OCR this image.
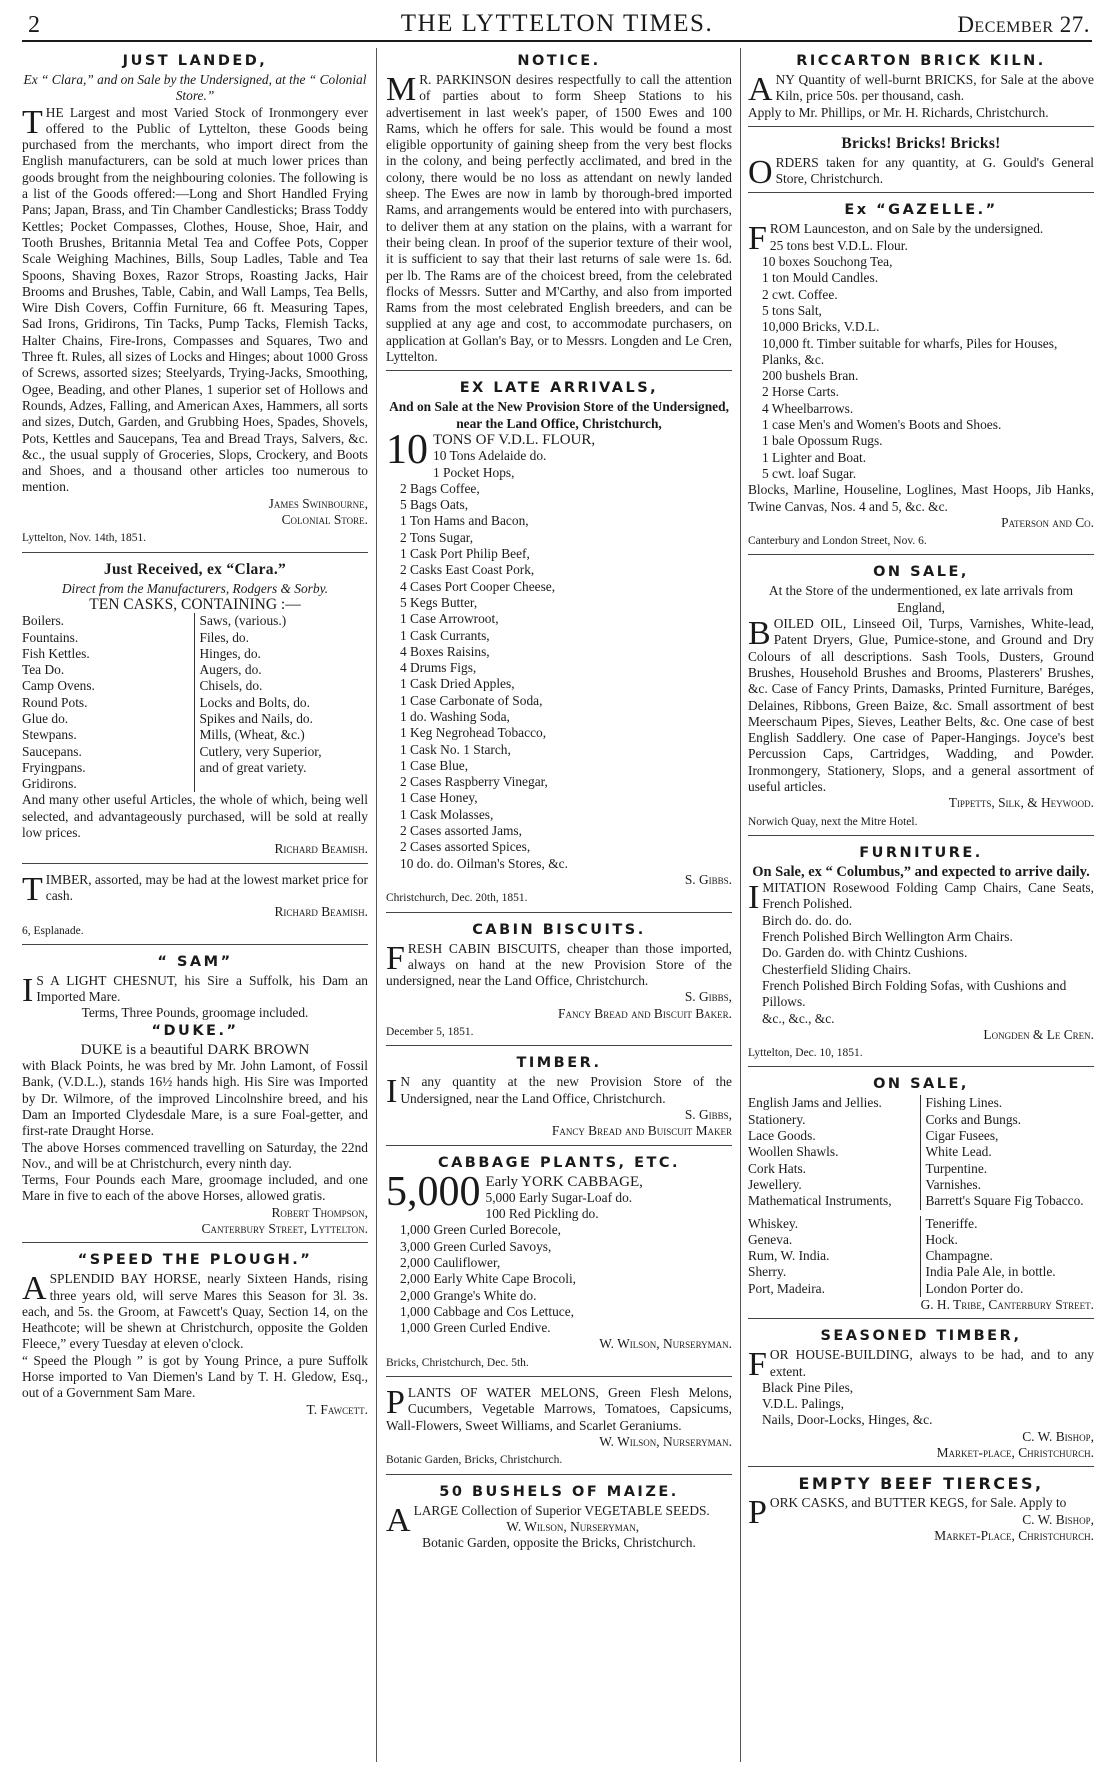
2	THE LYTTELTON TIMES.	December 27.
JUST LANDED,

Ex “ Clara,” and on Sale by the Undersigned, at the “ Colonial Store.”

THE Largest and most Varied Stock of Ironmongery ever offered to the Public of Lyttelton, these Goods being purchased from the merchants, who import direct from the English manufacturers, can be sold at much lower prices than goods brought from the neighbouring colonies. The following is a list of the Goods offered:—Long and Short Handled Frying Pans; Japan, Brass, and Tin Chamber Candlesticks; Brass Toddy Kettles; Pocket Compasses, Clothes, House, Shoe, Hair, and Tooth Brushes, Britannia Metal Tea and Coffee Pots, Copper Scale Weighing Machines, Bills, Soup Ladles, Table and Tea Spoons, Shaving Boxes, Razor Strops, Roasting Jacks, Hair Brooms and Brushes, Table, Cabin, and Wall Lamps, Tea Bells, Wire Dish Covers, Coffin Furniture, 66 ft. Measuring Tapes, Sad Irons, Gridirons, Tin Tacks, Pump Tacks, Flemish Tacks, Halter Chains, Fire-Irons, Compasses and Squares, Two and Three ft. Rules, all sizes of Locks and Hinges; about 1000 Gross of Screws, assorted sizes; Steelyards, Trying-Jacks, Smoothing, Ogee, Beading, and other Planes, 1 superior set of Hollows and Rounds, Adzes, Falling, and American Axes, Hammers, all sorts and sizes, Dutch, Garden, and Grubbing Hoes, Spades, Shovels, Pots, Kettles and Saucepans, Tea and Bread Trays, Salvers, &c. &c., the usual supply of Groceries, Slops, Crockery, and Boots and Shoes, and a thousand other articles too numerous to mention.

James Swinbourne,

Colonial Store.

Lyttelton, Nov. 14th, 1851.

Just Received, ex “Clara.”

Direct from the Manufacturers, Rodgers & Sorby.

TEN CASKS, CONTAINING :—

Boilers.
Fountains.
Fish Kettles.
Tea Do.
Camp Ovens.
Round Pots.
Glue do.
Stewpans.
Saucepans.
Fryingpans.
Gridirons.
Saws, (various.)
Files, do.
Hinges, do.
Augers, do.
Chisels, do.
Locks and Bolts, do.
Spikes and Nails, do.
Mills, (Wheat, &c.)
Cutlery, very Superior,
and of great variety.

And many other useful Articles, the whole of which, being well selected, and advantageously purchased, will be sold at really low prices.

Richard Beamish.

TIMBER, assorted, may be had at the lowest market price for cash.

Richard Beamish.

6, Esplanade.

“ SAM”

I S A LIGHT CHESNUT, his Sire a Suffolk, his Dam an Imported Mare.

Terms, Three Pounds, groomage included.

“DUKE.”

DUKE is a beautiful DARK BROWN

with Black Points, he was bred by Mr. John Lamont, of Fossil Bank, (V.D.L.), stands 16½ hands high. His Sire was Imported by Dr. Wilmore, of the improved Lincolnshire breed, and his Dam an Imported Clydesdale Mare, is a sure Foal-getter, and first-rate Draught Horse.

The above Horses commenced travelling on Saturday, the 22nd Nov., and will be at Christchurch, every ninth day.

Terms, Four Pounds each Mare, groomage included, and one Mare in five to each of the above Horses, allowed gratis.

Robert Thompson,

Canterbury Street, Lyttelton.

“SPEED THE PLOUGH.”

ASPLENDID BAY HORSE, nearly Sixteen Hands, rising three years old, will serve Mares this Season for 3l. 3s. each, and 5s. the Groom, at Fawcett's Quay, Section 14, on the Heathcote; will be shewn at Christchurch, opposite the Golden Fleece,” every Tuesday at eleven o'clock.

“ Speed the Plough ” is got by Young Prince, a pure Suffolk Horse imported to Van Diemen's Land by T. H. Gledow, Esq., out of a Government Sam Mare.

T. Fawcett.

NOTICE.

M R. PARKINSON desires respectfully to call the attention of parties about to form Sheep Stations to his advertisement in last week's paper, of 1500 Ewes and 100 Rams, which he offers for sale. This would be found a most eligible opportunity of gaining sheep from the very best flocks in the colony, and being perfectly acclimated, and bred in the colony, there would be no loss as attendant on newly landed sheep. The Ewes are now in lamb by thorough-bred imported Rams, and arrangements would be entered into with purchasers, to deliver them at any station on the plains, with a warrant for their being clean. In proof of the superior texture of their wool, it is sufficient to say that their last returns of sale were 1s. 6d. per lb. The Rams are of the choicest breed, from the celebrated flocks of Messrs. Sutter and M'Carthy, and also from imported Rams from the most celebrated English breeders, and can be supplied at any age and cost, to accommodate purchasers, on application at Gollan's Bay, or to Messrs. Longden and Le Cren, Lyttelton.

EX LATE ARRIVALS,

And on Sale at the New Provision Store of the Undersigned, near the Land Office, Christchurch,

10 TONS OF V.D.L. FLOUR,

10 Tons Adelaide do.
1 Pocket Hops,
2 Bags Coffee,
5 Bags Oats,
1 Ton Hams and Bacon,
2 Tons Sugar,
1 Cask Port Philip Beef,
2 Casks East Coast Pork,
4 Cases Port Cooper Cheese,
5 Kegs Butter,
1 Case Arrowroot,
1 Cask Currants,
4 Boxes Raisins,
4 Drums Figs,
1 Cask Dried Apples,
1 Case Carbonate of Soda,
1 do. Washing Soda,
1 Keg Negrohead Tobacco,
1 Cask No. 1 Starch,
1 Case Blue,
2 Cases Raspberry Vinegar,
1 Case Honey,
1 Cask Molasses,
2 Cases assorted Jams,
2 Cases assorted Spices,
10 do. do. Oilman's Stores, &c.

S. Gibbs.

Christchurch, Dec. 20th, 1851.

CABIN BISCUITS.

FRESH CABIN BISCUITS, cheaper than those imported, always on hand at the new Provision Store of the undersigned, near the Land Office, Christchurch.

S. Gibbs,

Fancy Bread and Biscuit Baker.

December 5, 1851.

TIMBER.

I N any quantity at the new Provision Store of the Undersigned, near the Land Office, Christchurch.

S. Gibbs,

Fancy Bread and Buiscuit Maker

CABBAGE PLANTS, ETC.

5,000 Early YORK CABBAGE,

5,000 Early Sugar-Loaf do.
100 Red Pickling do.
1,000 Green Curled Borecole,
3,000 Green Curled Savoys,
2,000 Cauliflower,
2,000 Early White Cape Brocoli,
2,000 Grange's White do.
1,000 Cabbage and Cos Lettuce,
1,000 Green Curled Endive.

W. Wilson, Nurseryman.

Bricks, Christchurch, Dec. 5th.

PLANTS OF WATER MELONS, Green Flesh Melons, Cucumbers, Vegetable Marrows, Tomatoes, Capsicums, Wall-Flowers, Sweet Williams, and Scarlet Geraniums.

W. Wilson, Nurseryman.

Botanic Garden, Bricks, Christchurch.

50 BUSHELS OF MAIZE.

ALARGE Collection of Superior VEGETABLE SEEDS.

W. Wilson, Nurseryman,

Botanic Garden, opposite the Bricks, Christchurch.

RICCARTON BRICK KILN.

ANY Quantity of well-burnt BRICKS, for Sale at the above Kiln, price 50s. per thousand, cash.

Apply to Mr. Phillips, or Mr. H. Richards, Christchurch.

Bricks! Bricks! Bricks!

ORDERS taken for any quantity, at G. Gould's General Store, Christchurch.

Ex “GAZELLE.”

FROM Launceston, and on Sale by the undersigned.

25 tons best V.D.L. Flour.
10 boxes Souchong Tea,
1 ton Mould Candles.
2 cwt. Coffee.
5 tons Salt,
10,000 Bricks, V.D.L.
10,000 ft. Timber suitable for wharfs, Piles for Houses, Planks, &c.
200 bushels Bran.
2 Horse Carts.
4 Wheelbarrows.
1 case Men's and Women's Boots and Shoes.
1 bale Opossum Rugs.
1 Lighter and Boat.
5 cwt. loaf Sugar.

Blocks, Marline, Houseline, Loglines, Mast Hoops, Jib Hanks, Twine Canvas, Nos. 4 and 5, &c. &c.

Paterson and Co.

Canterbury and London Street, Nov. 6.

ON SALE,

At the Store of the undermentioned, ex late arrivals from England,

BOILED OIL, Linseed Oil, Turps, Varnishes, White-lead, Patent Dryers, Glue, Pumice-stone, and Ground and Dry Colours of all descriptions. Sash Tools, Dusters, Ground Brushes, Household Brushes and Brooms, Plasterers' Brushes, &c. Case of Fancy Prints, Damasks, Printed Furniture, Baréges, Delaines, Ribbons, Green Baize, &c. Small assortment of best Meerschaum Pipes, Sieves, Leather Belts, &c. One case of best English Saddlery. One case of Paper-Hangings. Joyce's best Percussion Caps, Cartridges, Wadding, and Powder. Ironmongery, Stationery, Slops, and a general assortment of useful articles.

Tippetts, Silk, & Heywood.

Norwich Quay, next the Mitre Hotel.

FURNITURE.

On Sale, ex “ Columbus,” and expected to arrive daily.

IMITATION Rosewood Folding Camp Chairs, Cane Seats, French Polished.

Birch do. do. do.
French Polished Birch Wellington Arm Chairs.
Do. Garden do. with Chintz Cushions.
Chesterfield Sliding Chairs.
French Polished Birch Folding Sofas, with Cushions and Pillows.
&c., &c., &c.

Longden & Le Cren.

Lyttelton, Dec. 10, 1851.

ON SALE,
English Jams and Jellies.
Stationery.
Lace Goods.
Woollen Shawls.
Cork Hats.
Jewellery.
Mathematical Instruments,
Fishing Lines.
Corks and Bungs.
Cigar Fusees,
White Lead.
Turpentine.
Varnishes.
Barrett's Square Fig Tobacco.
Whiskey.
Geneva.
Rum, W. India.
Sherry.
Port, Madeira.
Teneriffe.
Hock.
Champagne.
India Pale Ale, in bottle.
London Porter do.

G. H. Tribe, Canterbury Street.

SEASONED TIMBER,

FOR HOUSE-BUILDING, always to be had, and to any extent.

Black Pine Piles,
V.D.L. Palings,
Nails, Door-Locks, Hinges, &c.

C. W. Bishop,

Market-place, Christchurch.

EMPTY BEEF TIERCES,

PORK CASKS, and BUTTER KEGS, for Sale. Apply to

C. W. Bishop,

Market-Place, Christchurch.
